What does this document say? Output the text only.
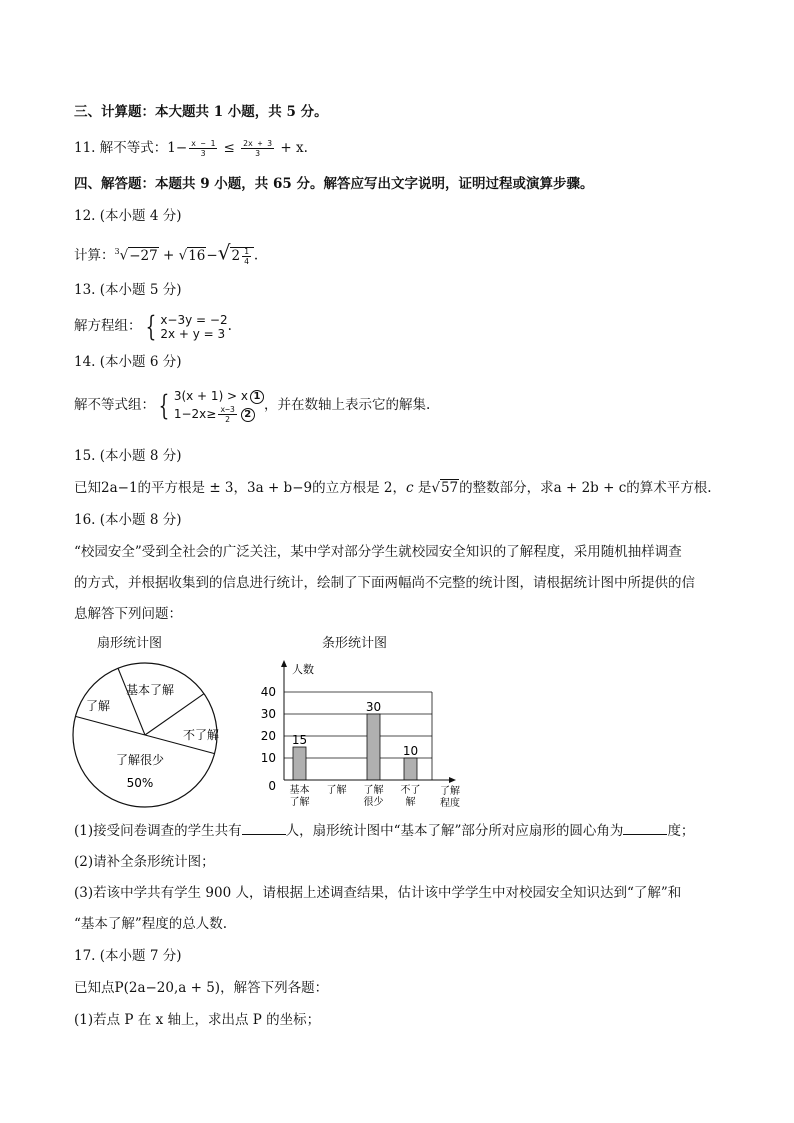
三、计算题：本大题共 1 小题，共 5 分。
11. 解不等式：$1- \frac{x - 1}{3} \le \frac{2x + 3}{3} + x$.
四、解答题：本题共 9 小题，共 65 分。解答应写出文字说明，证明过程或演算步骤。
12. (本小题 4 分)
计算：$^3√-27 + √16-√2 \frac{1}{4}$ .
13. (本小题 5 分)
解方程组： { x−3y = −2
2x + y = 3 .
14. (本小题 6 分)
解不等式组： { 3(x + 1) > x 1
$1-2x\ge \frac{x-3}{2} 2$
，并在数轴上表示它的解集.
15. (本小题 8 分)
已知2a−1的平方根是 ± 3，3a + b−9的立方根是 2，c 是√57的整数部分，求a + 2b + c的算术平方根.
16. (本小题 8 分)
“校园安全”受到全社会的广泛关注，某中学对部分学生就校园安全知识的了解程度，采用随机抽样调查
的方式，并根据收集到的信息进行统计，绘制了下面两幅尚不完整的统计图，请根据统计图中所提供的信
息解答下列问题：
扇形统计图
不了解
基本了解
了解
了解很少
50%
条形统计图
0
10
20
30
40
15
30
10
基本
了解
了解 了解
很少
不了
解
人数
了解
程度
(1)接受问卷调查的学生共有	人，扇形统计图中“基本了解”部分所对应扇形的圆心角为	度；
(2)请补全条形统计图；
(3)若该中学共有学生 900 人，请根据上述调查结果，估计该中学学生中对校园安全知识达到“了解”和
“基本了解”程度的总人数.
17. (本小题 7 分)
已知点P(2a−20,a + 5)，解答下列各题：
(1)若点 P 在 x 轴上，求出点 P 的坐标；
